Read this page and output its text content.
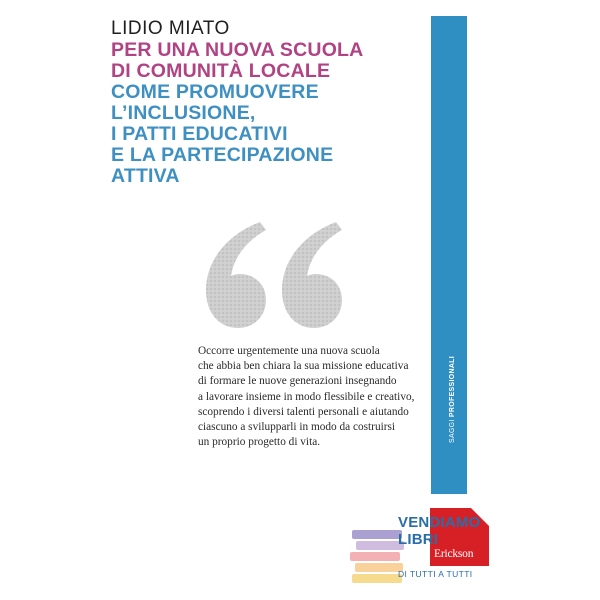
LIDIO MIATO
PER UNA NUOVA SCUOLA
DI COMUNITÀ LOCALE
COME PROMUOVERE
L’INCLUSIONE,
I PATTI EDUCATIVI
E LA PARTECIPAZIONE
ATTIVA
Occorre urgentemente una nuova scuola
che abbia ben chiara la sua missione educativa
di formare le nuove generazioni insegnando
a lavorare insieme in modo flessibile e creativo,
scoprendo i diversi talenti personali e aiutando
ciascuno a svilupparli in modo da costruirsi
un proprio progetto di vita.	SAGGI PROFESSIONALI
Erickson
VENDIAMO
LIBRI
DI TUTTI A TUTTI
